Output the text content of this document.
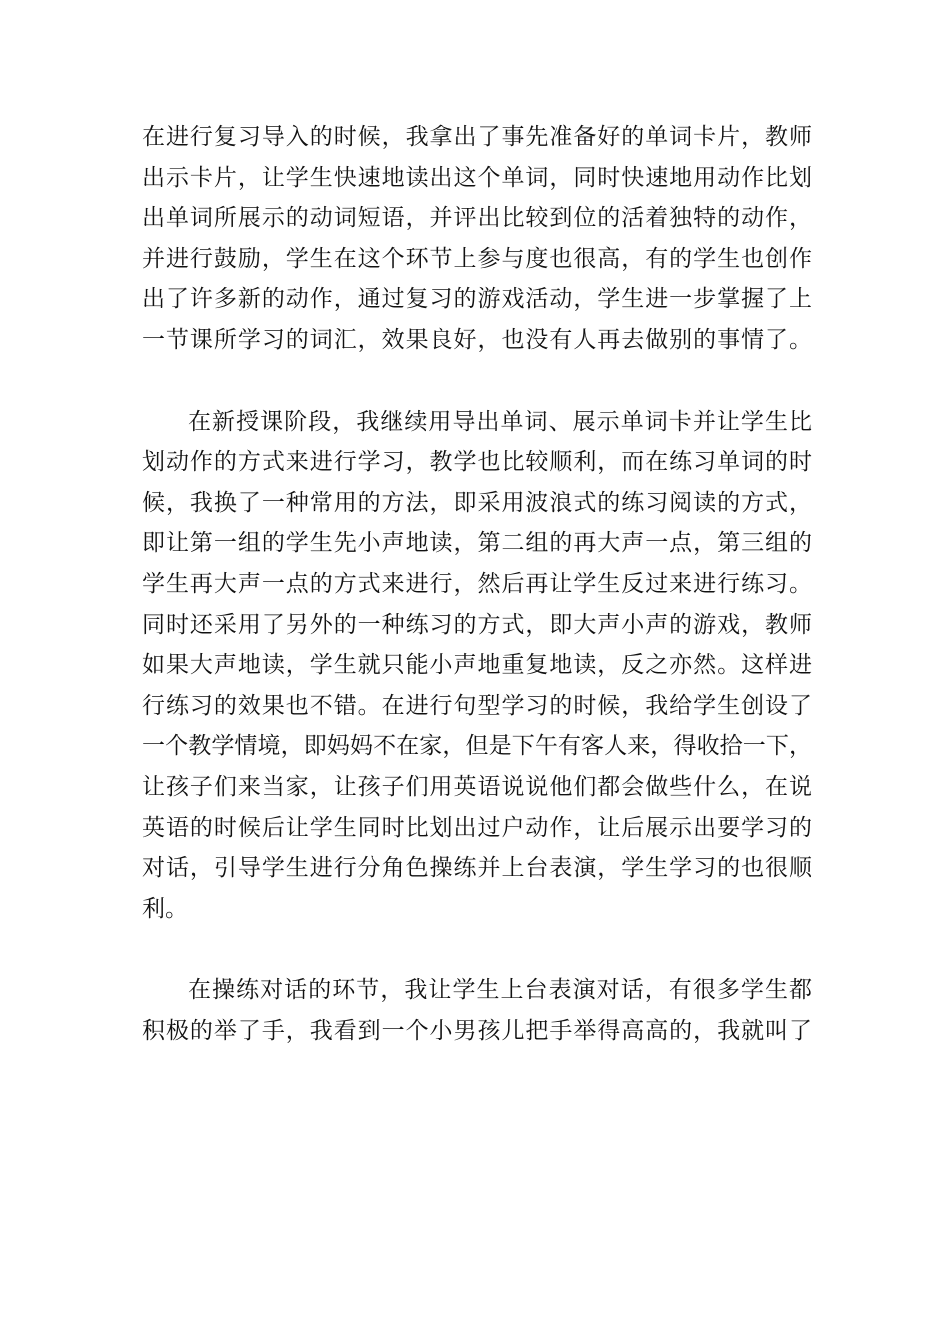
在进行复习导入的时候，我拿出了事先准备好的单词卡片，教师
出示卡片，让学生快速地读出这个单词，同时快速地用动作比划
出单词所展示的动词短语，并评出比较到位的活着独特的动作，
并进行鼓励，学生在这个环节上参与度也很高，有的学生也创作
出了许多新的动作，通过复习的游戏活动，学生进一步掌握了上
一节课所学习的词汇，效果良好，也没有人再去做别的事情了。

在新授课阶段，我继续用导出单词、展示单词卡并让学生比
划动作的方式来进行学习，教学也比较顺利，而在练习单词的时
候，我换了一种常用的方法，即采用波浪式的练习阅读的方式，
即让第一组的学生先小声地读，第二组的再大声一点，第三组的
学生再大声一点的方式来进行，然后再让学生反过来进行练习。
同时还采用了另外的一种练习的方式，即大声小声的游戏，教师
如果大声地读，学生就只能小声地重复地读，反之亦然。这样进
行练习的效果也不错。在进行句型学习的时候，我给学生创设了
一个教学情境，即妈妈不在家，但是下午有客人来，得收拾一下，
让孩子们来当家，让孩子们用英语说说他们都会做些什么，在说
英语的时候后让学生同时比划出过户动作，让后展示出要学习的
对话，引导学生进行分角色操练并上台表演，学生学习的也很顺
利。

在操练对话的环节，我让学生上台表演对话，有很多学生都
积极的举了手，我看到一个小男孩儿把手举得高高的，我就叫了
